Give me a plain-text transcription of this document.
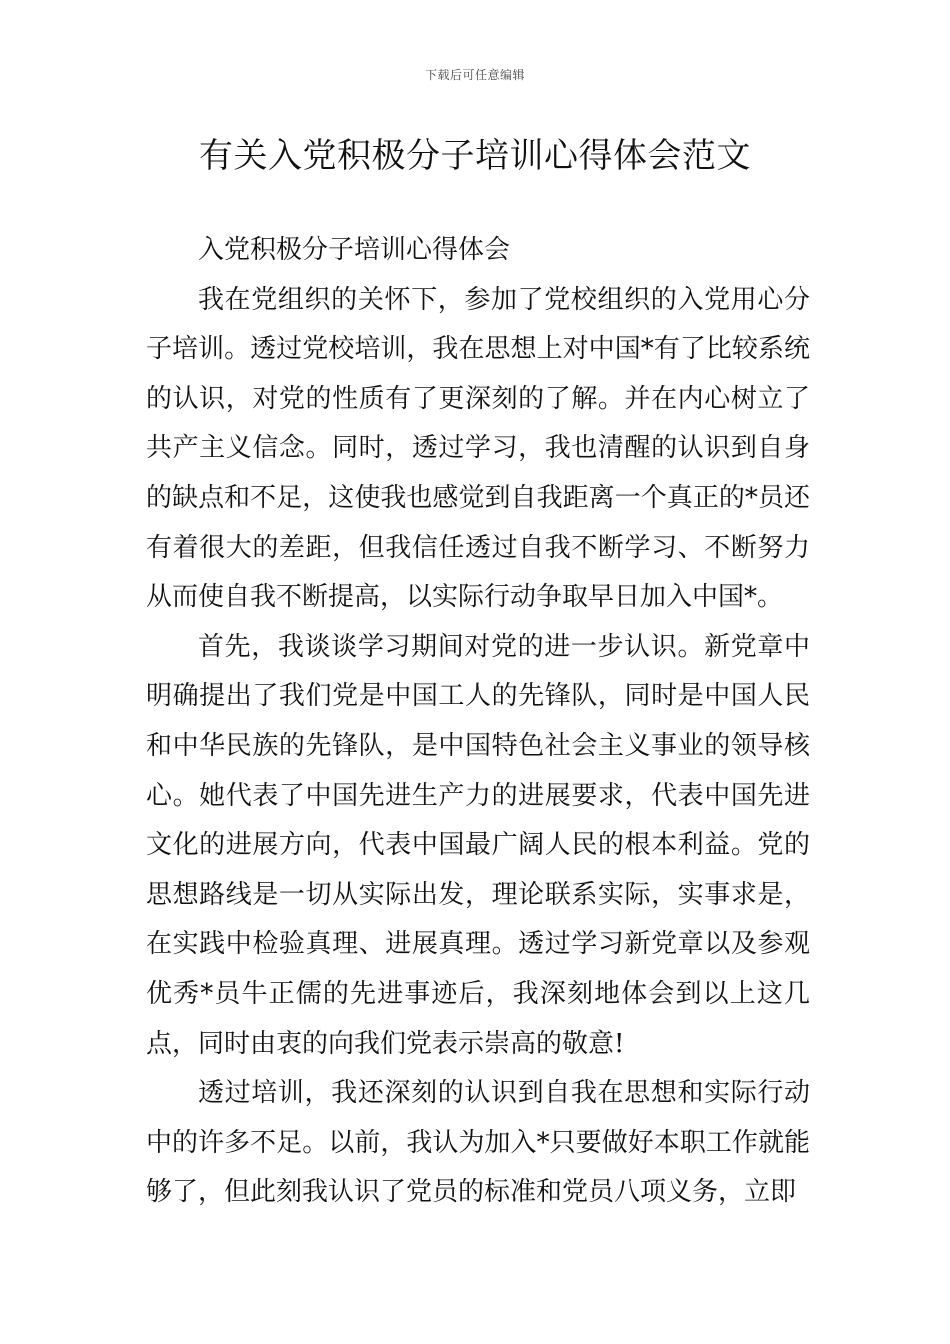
下载后可任意编辑
有关入党积极分子培训心得体会范文

入党积极分子培训心得体会

我在党组织的关怀下，参加了党校组织的入党用心分子培训。透过党校培训，我在思想上对中国*有了比较系统的认识，对党的性质有了更深刻的了解。并在内心树立了共产主义信念。同时，透过学习，我也清醒的认识到自身的缺点和不足，这使我也感觉到自我距离一个真正的*员还有着很大的差距，但我信任透过自我不断学习、不断努力从而使自我不断提高，以实际行动争取早日加入中国*。

首先，我谈谈学习期间对党的进一步认识。新党章中明确提出了我们党是中国工人的先锋队，同时是中国人民和中华民族的先锋队，是中国特色社会主义事业的领导核心。她代表了中国先进生产力的进展要求，代表中国先进文化的进展方向，代表中国最广阔人民的根本利益。党的思想路线是一切从实际出发，理论联系实际，实事求是，在实践中检验真理、进展真理。透过学习新党章以及参观优秀*员牛正儒的先进事迹后，我深刻地体会到以上这几点，同时由衷的向我们党表示崇高的敬意!

透过培训，我还深刻的认识到自我在思想和实际行动中的许多不足。以前，我认为加入*只要做好本职工作就能够了，但此刻我认识了党员的标准和党员八项义务，立即
